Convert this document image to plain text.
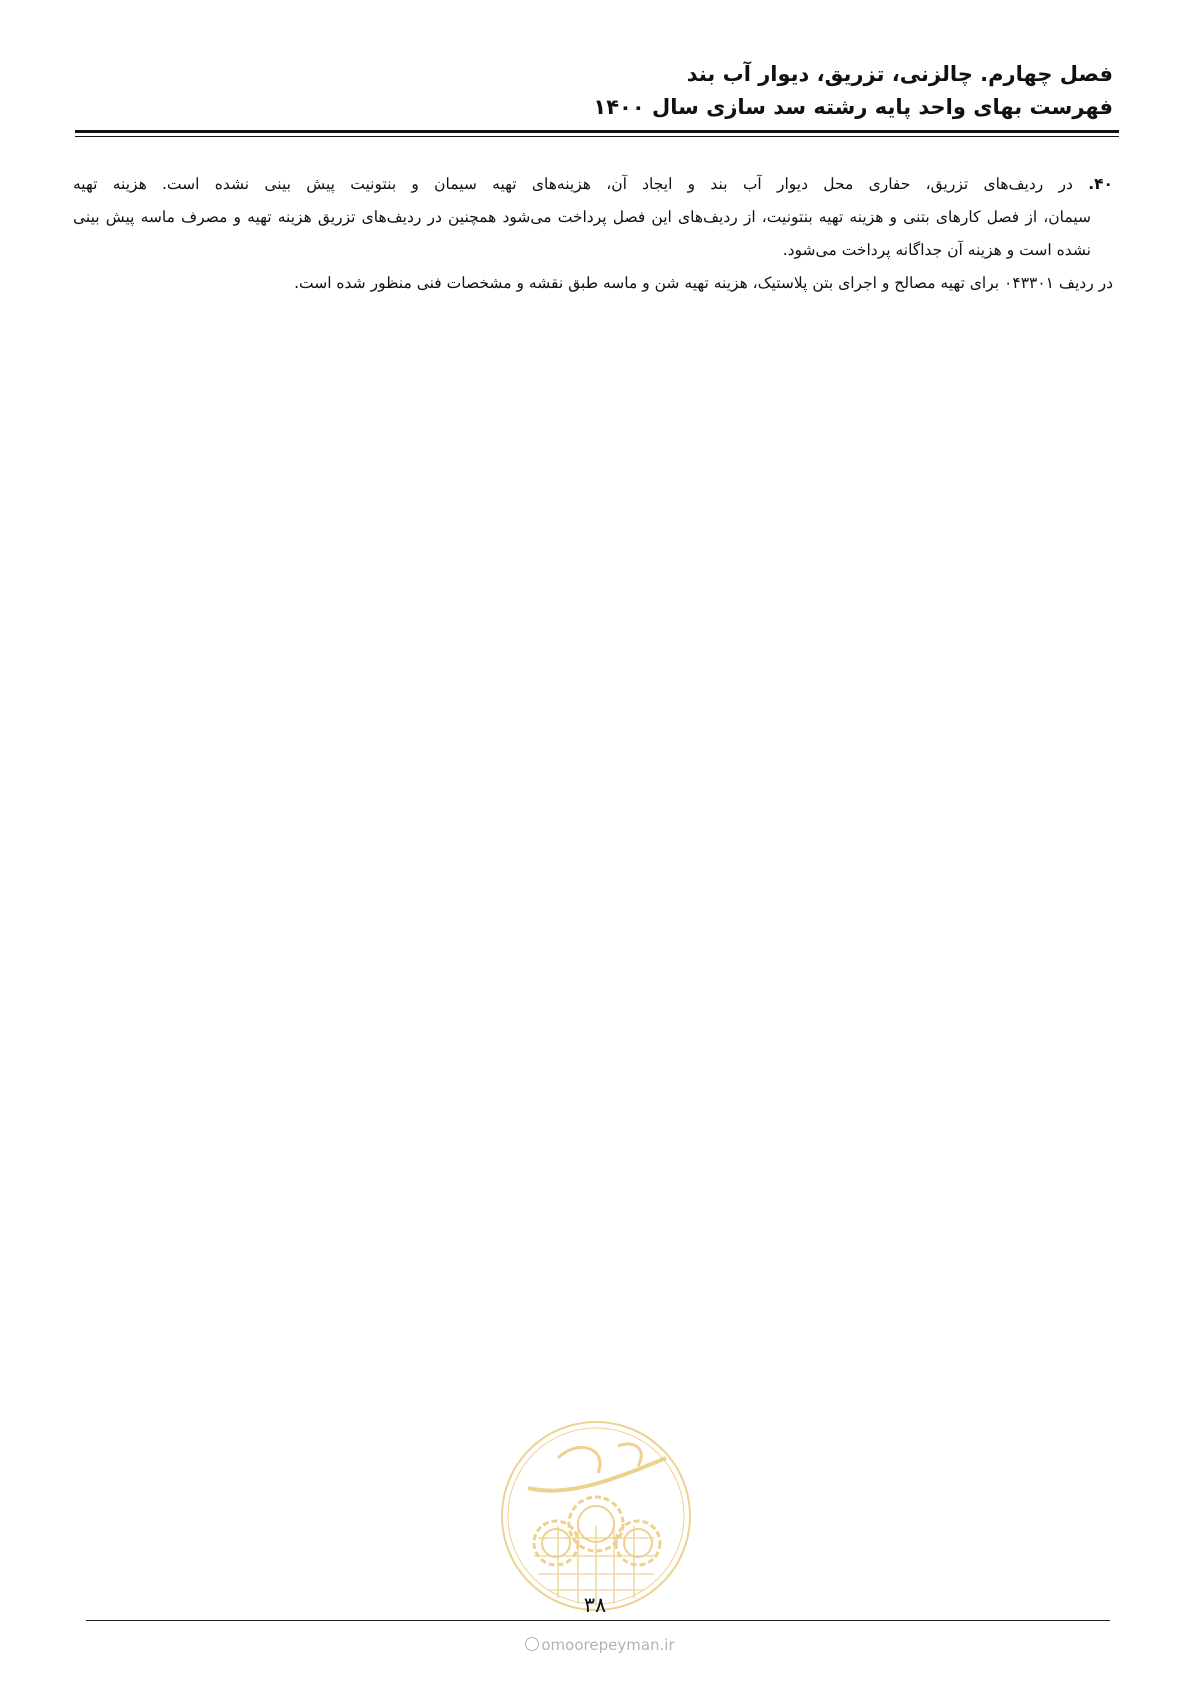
فصل چهارم. چالزنی، تزریق، دیوار آب بند
فهرست بهای واحد پایه رشته سد سازی سال ۱۴۰۰
۴۰. در ردیف‌های تزریق، حفاری محل دیوار آب بند و ایجاد آن، هزینه‌های تهیه سیمان و بنتونیت پیش بینی نشده است. هزینه تهیه
سیمان، از فصل کارهای بتنی و هزینه تهیه بنتونیت، از ردیف‌های این فصل پرداخت می‌شود همچنین در ردیف‌های تزریق هزینه تهیه و مصرف ماسه پیش بینی نشده است و هزینه آن جداگانه پرداخت می‌شود.

در ردیف ۰۴۳۳۰۱ برای تهیه مصالح و اجرای بتن پلاستیک، هزینه تهیه شن و ماسه طبق نقشه و مشخصات فنی منظور شده است.

۳۸
omoorepeyman.ir
